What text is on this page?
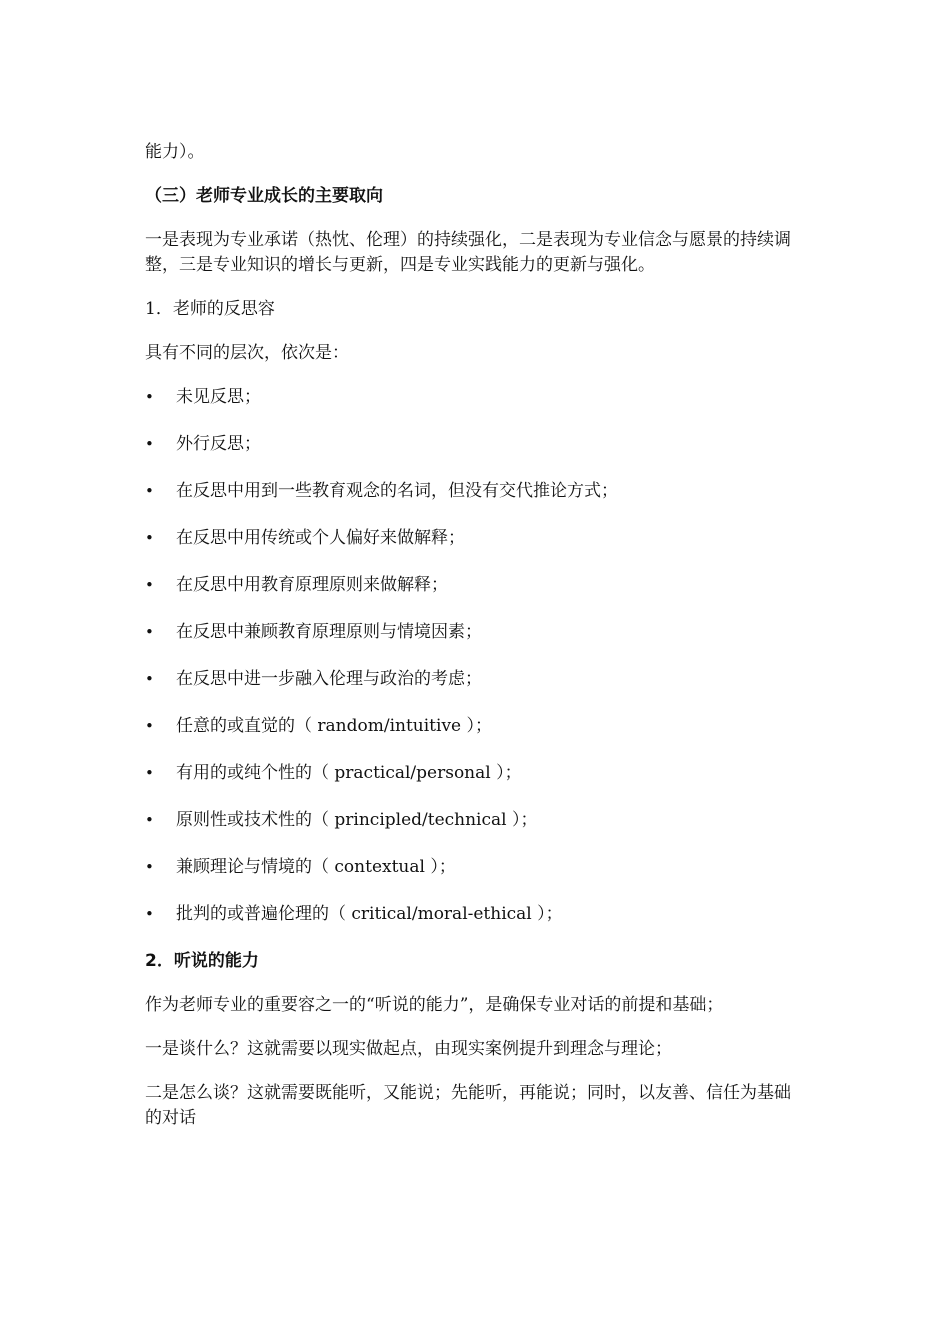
能力）。

（三）老师专业成长的主要取向

一是表现为专业承诺（热忱、伦理）的持续强化，二是表现为专业信念与愿景的持续调整，三是专业知识的增长与更新，四是专业实践能力的更新与强化。

1．老师的反思容

具有不同的层次，依次是：

• 未见反思；
• 外行反思；
• 在反思中用到一些教育观念的名词，但没有交代推论方式；
• 在反思中用传统或个人偏好来做解释；
• 在反思中用教育原理原则来做解释；
• 在反思中兼顾教育原理原则与情境因素；
• 在反思中进一步融入伦理与政治的考虑；
• 任意的或直觉的（ random/intuitive ）；
• 有用的或纯个性的（ practical/personal ）；
• 原则性或技术性的（ principled/technical ）；
• 兼顾理论与情境的（ contextual ）；
• 批判的或普遍伦理的（ critical/moral-ethical ）；

2．听说的能力

作为老师专业的重要容之一的“听说的能力”，是确保专业对话的前提和基础；

一是谈什么？这就需要以现实做起点，由现实案例提升到理念与理论；

二是怎么谈？这就需要既能听，又能说；先能听，再能说；同时，以友善、信任为基础的对话
